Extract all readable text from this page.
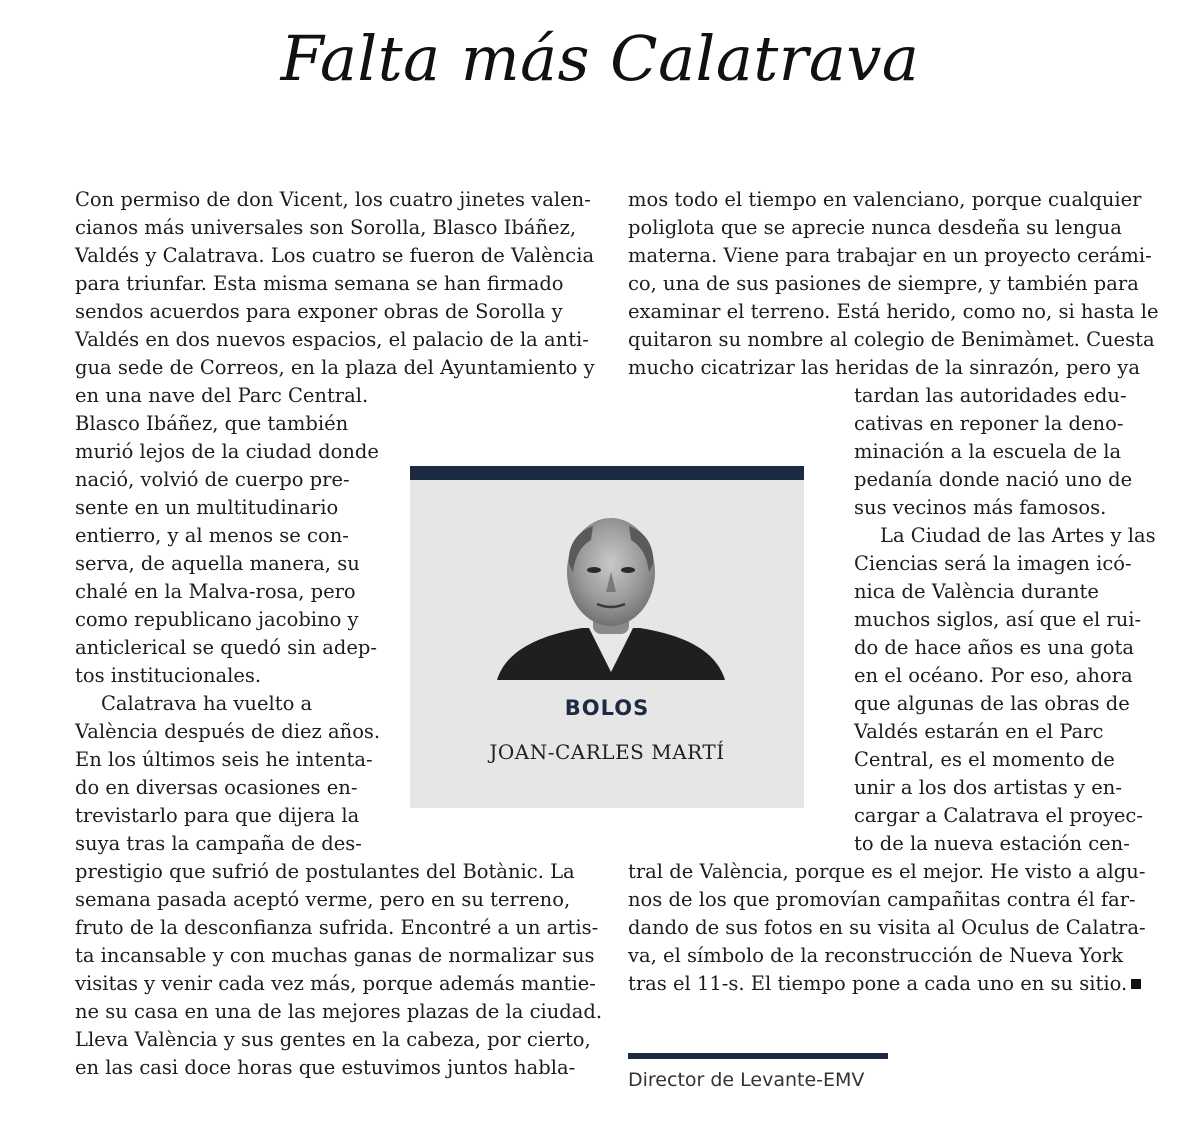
Falta más Calatrava

Con permiso de don Vicent, los cuatro jinetes valen-

cianos más universales son Sorolla, Blasco Ibáñez,

Valdés y Calatrava. Los cuatro se fueron de València

para triunfar. Esta misma semana se han firmado

sendos acuerdos para exponer obras de Sorolla y

Valdés en dos nuevos espacios, el palacio de la anti-

gua sede de Correos, en la plaza del Ayuntamiento y

en una nave del Parc Central.

Blasco Ibáñez, que también

murió lejos de la ciudad donde

nació, volvió de cuerpo pre-

sente en un multitudinario

entierro, y al menos se con-

serva, de aquella manera, su

chalé en la Malva-rosa, pero

como republicano jacobino y

anticlerical se quedó sin adep-

tos institucionales.

Calatrava ha vuelto a

València después de diez años.

En los últimos seis he intenta-

do en diversas ocasiones en-

trevistarlo para que dijera la

suya tras la campaña de des-

prestigio que sufrió de postulantes del Botànic. La

semana pasada aceptó verme, pero en su terreno,

fruto de la desconfianza sufrida. Encontré a un artis-

ta incansable y con muchas ganas de normalizar sus

visitas y venir cada vez más, porque además mantie-

ne su casa en una de las mejores plazas de la ciudad.

Lleva València y sus gentes en la cabeza, por cierto,

en las casi doce horas que estuvimos juntos habla-

mos todo el tiempo en valenciano, porque cualquier

poliglota que se aprecie nunca desdeña su lengua

materna. Viene para trabajar en un proyecto cerámi-

co, una de sus pasiones de siempre, y también para

examinar el terreno. Está herido, como no, si hasta le

quitaron su nombre al colegio de Benimàmet. Cuesta

mucho cicatrizar las heridas de la sinrazón, pero ya

tardan las autoridades edu-

cativas en reponer la deno-

minación a la escuela de la

pedanía donde nació uno de

sus vecinos más famosos.

La Ciudad de las Artes y las

Ciencias será la imagen icó-

nica de València durante

muchos siglos, así que el rui-

do de hace años es una gota

en el océano. Por eso, ahora

que algunas de las obras de

Valdés estarán en el Parc

Central, es el momento de

unir a los dos artistas y en-

cargar a Calatrava el proyec-

to de la nueva estación cen-

tral de València, porque es el mejor. He visto a algu-

nos de los que promovían campañitas contra él far-

dando de sus fotos en su visita al Oculus de Calatra-

va, el símbolo de la reconstrucción de Nueva York

tras el 11-s. El tiempo pone a cada uno en su sitio.

BOLOS
JOAN-CARLES MARTÍ
Director de Levante-EMV
